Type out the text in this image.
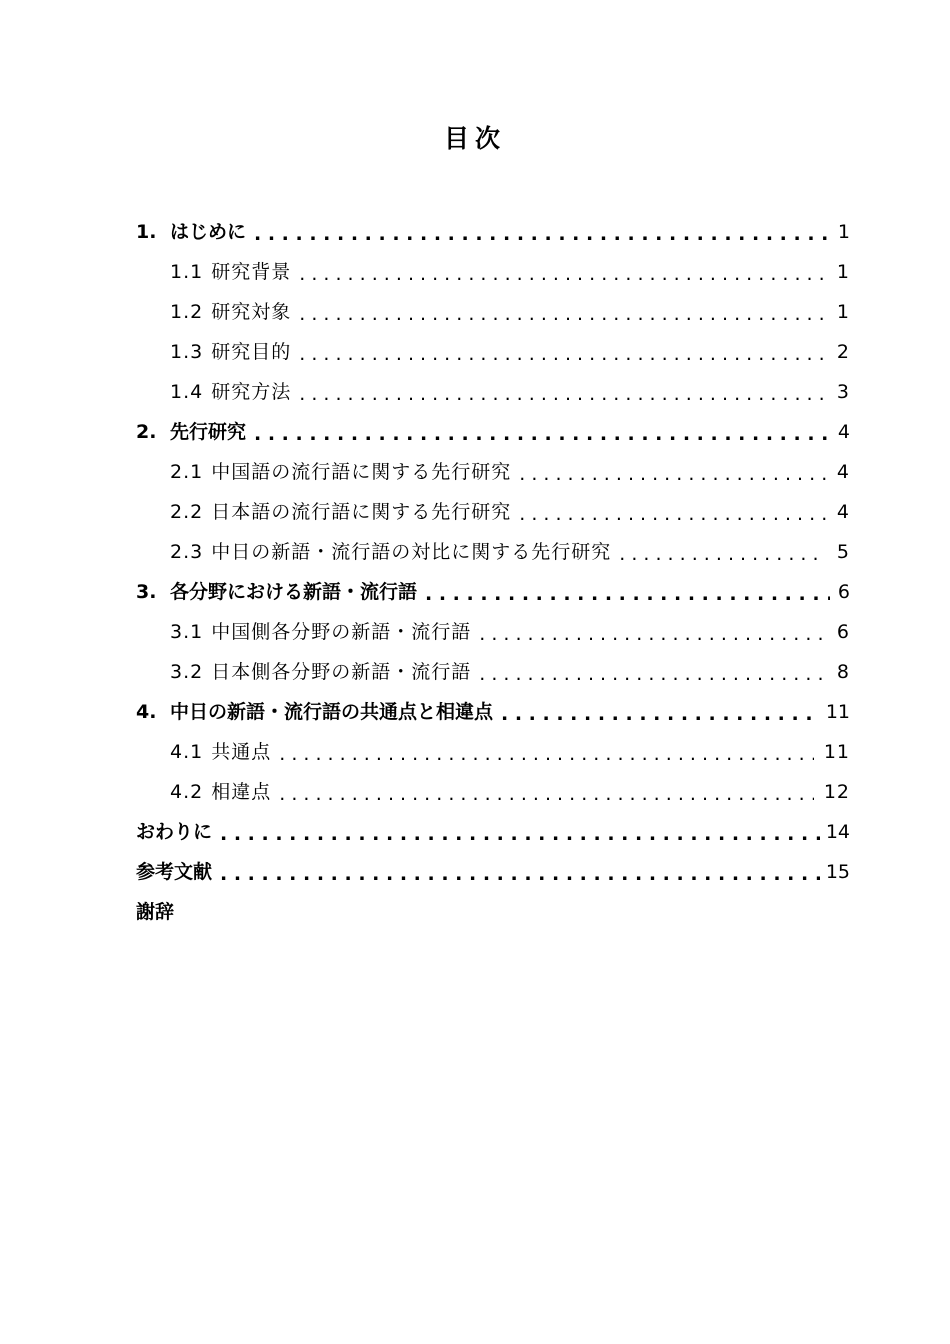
目次
1. はじめに . . .	1
1.1 研究背景 . . .	1
1.2 研究対象 . . .	1
1.3 研究目的 . . .	2
1.4 研究方法 . . .	3
2. 先行研究 . . .	4
2.1 中国語の流行語に関する先行研究 . . .	4
2.2 日本語の流行語に関する先行研究 . . .	4
2.3 中日の新語・流行語の対比に関する先行研究 . . .	5
3. 各分野における新語・流行語 . . .	6
3.1 中国側各分野の新語・流行語 . . .	6
3.2 日本側各分野の新語・流行語 . . .	8
4. 中日の新語・流行語の共通点と相違点 . . .	11
4.1 共通点 . . .	11
4.2 相違点 . . .	12
おわりに . . .	14
参考文献 . . .	15
謝辞
